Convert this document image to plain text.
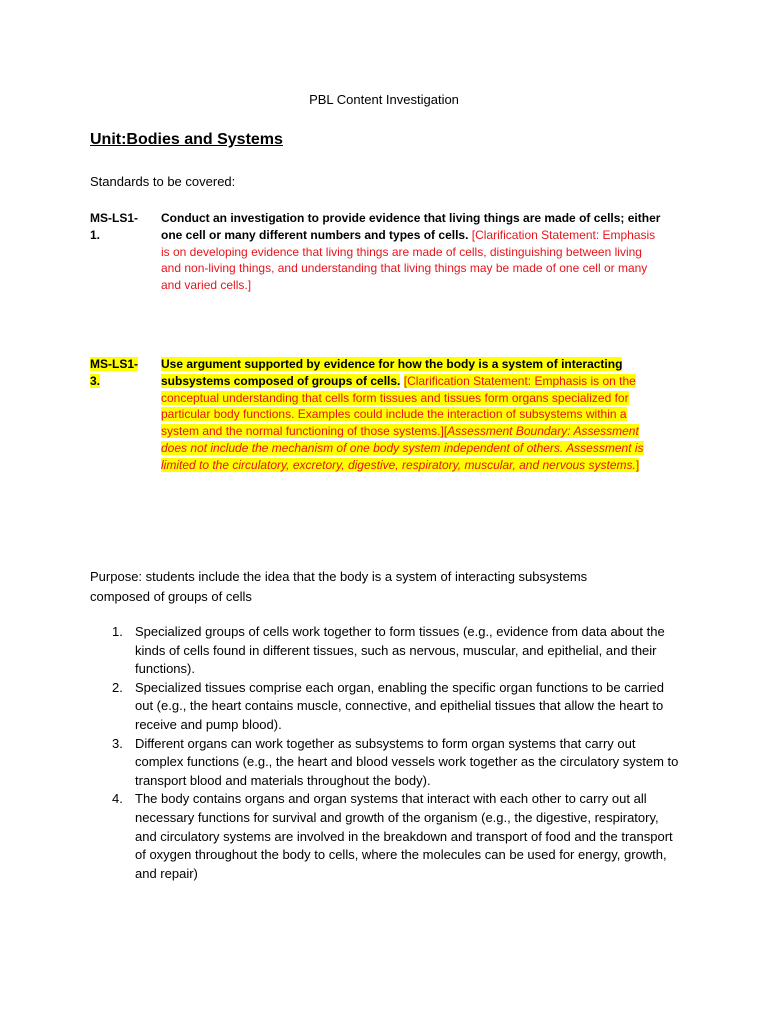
PBL Content Investigation
Unit:Bodies and Systems
Standards to be covered:
MS-LS1-
1.
Conduct an investigation to provide evidence that living things are made of cells; either one cell or many different numbers and types of cells. [Clarification Statement: Emphasis is on developing evidence that living things are made of cells, distinguishing between living and non-living things, and understanding that living things may be made of one cell or many and varied cells.]
MS-LS1-
3.
Use argument supported by evidence for how the body is a system of interacting subsystems composed of groups of cells. [Clarification Statement: Emphasis is on the conceptual understanding that cells form tissues and tissues form organs specialized for particular body functions. Examples could include the interaction of subsystems within a system and the normal functioning of those systems.][Assessment Boundary: Assessment does not include the mechanism of one body system independent of others. Assessment is limited to the circulatory, excretory, digestive, respiratory, muscular, and nervous systems.]
Purpose: students include the idea that the body is a system of interacting subsystems composed of groups of cells
1. Specialized groups of cells work together to form tissues (e.g., evidence from data about the kinds of cells found in different tissues, such as nervous, muscular, and epithelial, and their functions).
2. Specialized tissues comprise each organ, enabling the specific organ functions to be carried out (e.g., the heart contains muscle, connective, and epithelial tissues that allow the heart to receive and pump blood).
3. Different organs can work together as subsystems to form organ systems that carry out complex functions (e.g., the heart and blood vessels work together as the circulatory system to transport blood and materials throughout the body).
4. The body contains organs and organ systems that interact with each other to carry out all necessary functions for survival and growth of the organism (e.g., the digestive, respiratory, and circulatory systems are involved in the breakdown and transport of food and the transport of oxygen throughout the body to cells, where the molecules can be used for energy, growth, and repair)
